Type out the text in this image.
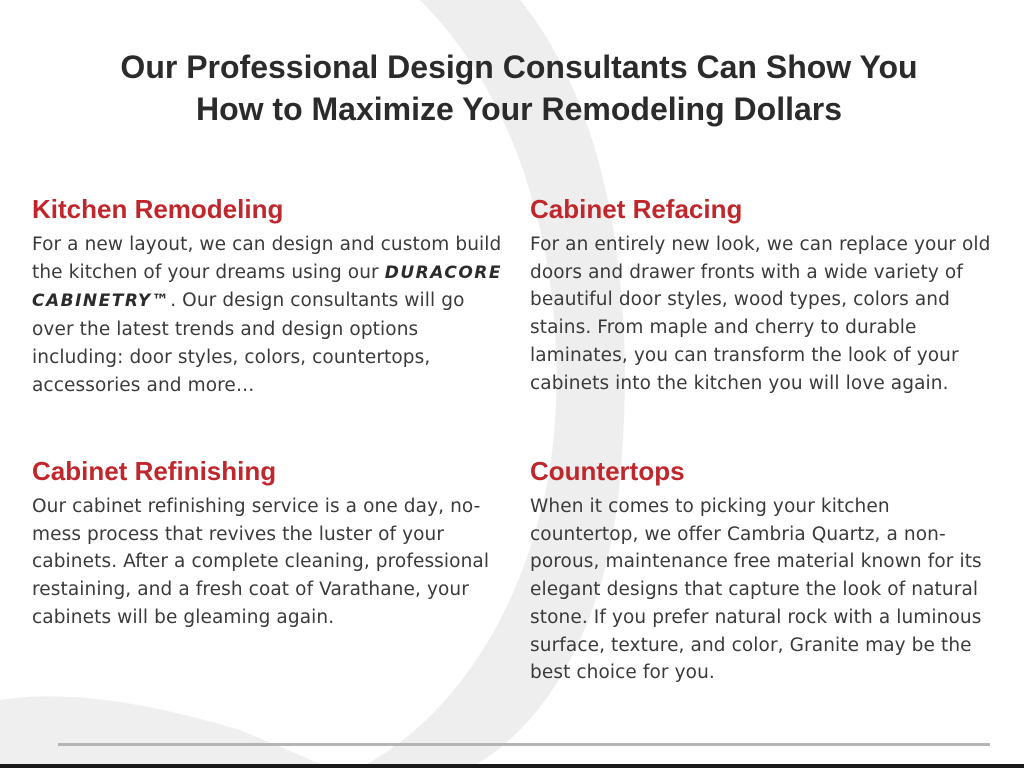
Our Professional Design Consultants Can Show You
How to Maximize Your Remodeling Dollars
Kitchen Remodeling

For a new layout, we can design and custom build the kitchen of your dreams using our DURACORE CABINETRY™. Our design consultants will go over the latest trends and design options including: door styles, colors, countertops, accessories and more…

Cabinet Refacing

For an entirely new look, we can replace your old doors and drawer fronts with a wide variety of beautiful door styles, wood types, colors and stains. From maple and cherry to durable laminates, you can transform the look of your cabinets into the kitchen you will love again.

Cabinet Refinishing

Our cabinet refinishing service is a one day, no-mess process that revives the luster of your cabinets. After a complete cleaning, professional restaining, and a fresh coat of Varathane, your cabinets will be gleaming again.

Countertops

When it comes to picking your kitchen countertop, we offer Cambria Quartz, a non-porous, maintenance free material known for its elegant designs that capture the look of natural stone. If you prefer natural rock with a luminous surface, texture, and color, Granite may be the best choice for you.
